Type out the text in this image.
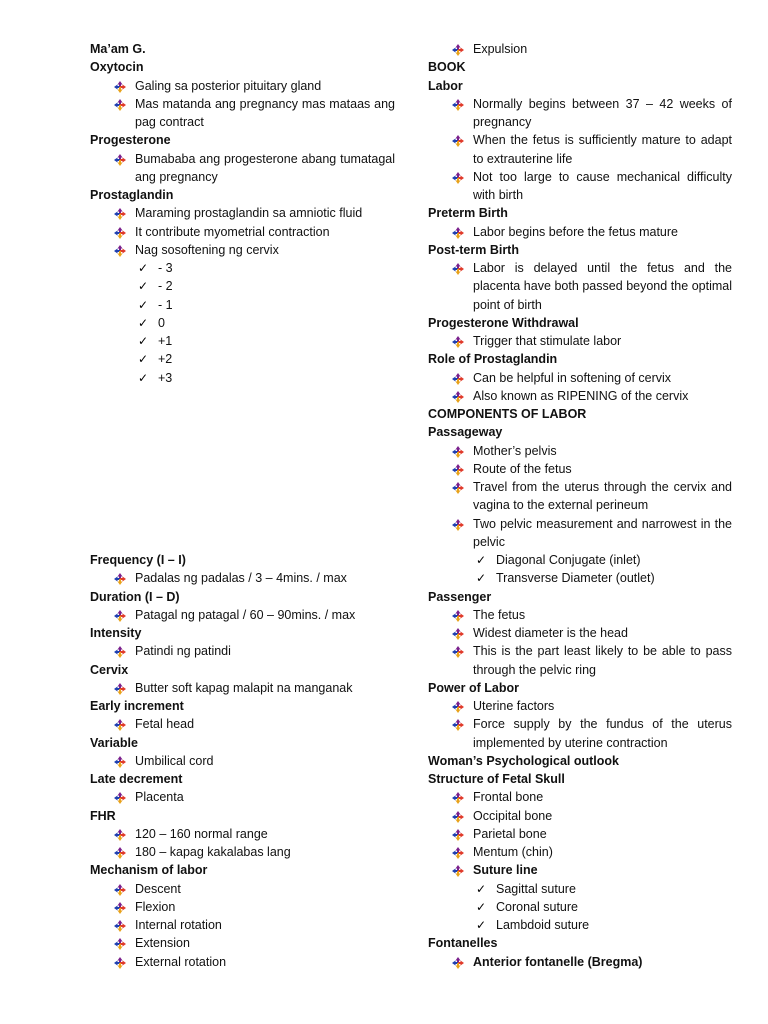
Ma’am G.
Oxytocin
Galing sa posterior pituitary gland
Mas matanda ang pregnancy mas mataas ang pag contract
Progesterone
Bumababa ang progesterone abang tumatagal ang pregnancy
Prostaglandin
Maraming prostaglandin sa amniotic fluid
It contribute myometrial contraction
Nag sosoftening ng cervix
✓ - 3
✓ - 2
✓ - 1
✓ 0
✓ +1
✓ +2
✓ +3
Frequency (I – I)
Padalas ng padalas / 3 – 4mins. / max
Duration (I – D)
Patagal ng patagal / 60 – 90mins. / max
Intensity
Patindi ng patindi
Cervix
Butter soft kapag malapit na manganak
Early increment
Fetal head
Variable
Umbilical cord
Late decrement
Placenta
FHR
120 – 160 normal range
180 – kapag kakalabas lang
Mechanism of labor
Descent
Flexion
Internal rotation
Extension
External rotation
Expulsion
BOOK
Labor
Normally begins between 37 – 42 weeks of pregnancy
When the fetus is sufficiently mature to adapt to extrauterine life
Not too large to cause mechanical difficulty with birth
Preterm Birth
Labor begins before the fetus mature
Post-term Birth
Labor is delayed until the fetus and the placenta have both passed beyond the optimal point of birth
Progesterone Withdrawal
Trigger that stimulate labor
Role of Prostaglandin
Can be helpful in softening of cervix
Also known as RIPENING of the cervix
COMPONENTS OF LABOR
Passageway
Mother’s pelvis
Route of the fetus
Travel from the uterus through the cervix and vagina to the external perineum
Two pelvic measurement and narrowest in the pelvic
✓ Diagonal Conjugate (inlet)
✓ Transverse Diameter (outlet)
Passenger
The fetus
Widest diameter is the head
This is the part least likely to be able to pass through the pelvic ring
Power of Labor
Uterine factors
Force supply by the fundus of the uterus implemented by uterine contraction
Woman’s Psychological outlook
Structure of Fetal Skull
Frontal bone
Occipital bone
Parietal bone
Mentum (chin)
Suture line
✓ Sagittal suture
✓ Coronal suture
✓ Lambdoid suture
Fontanelles
Anterior fontanelle (Bregma)
